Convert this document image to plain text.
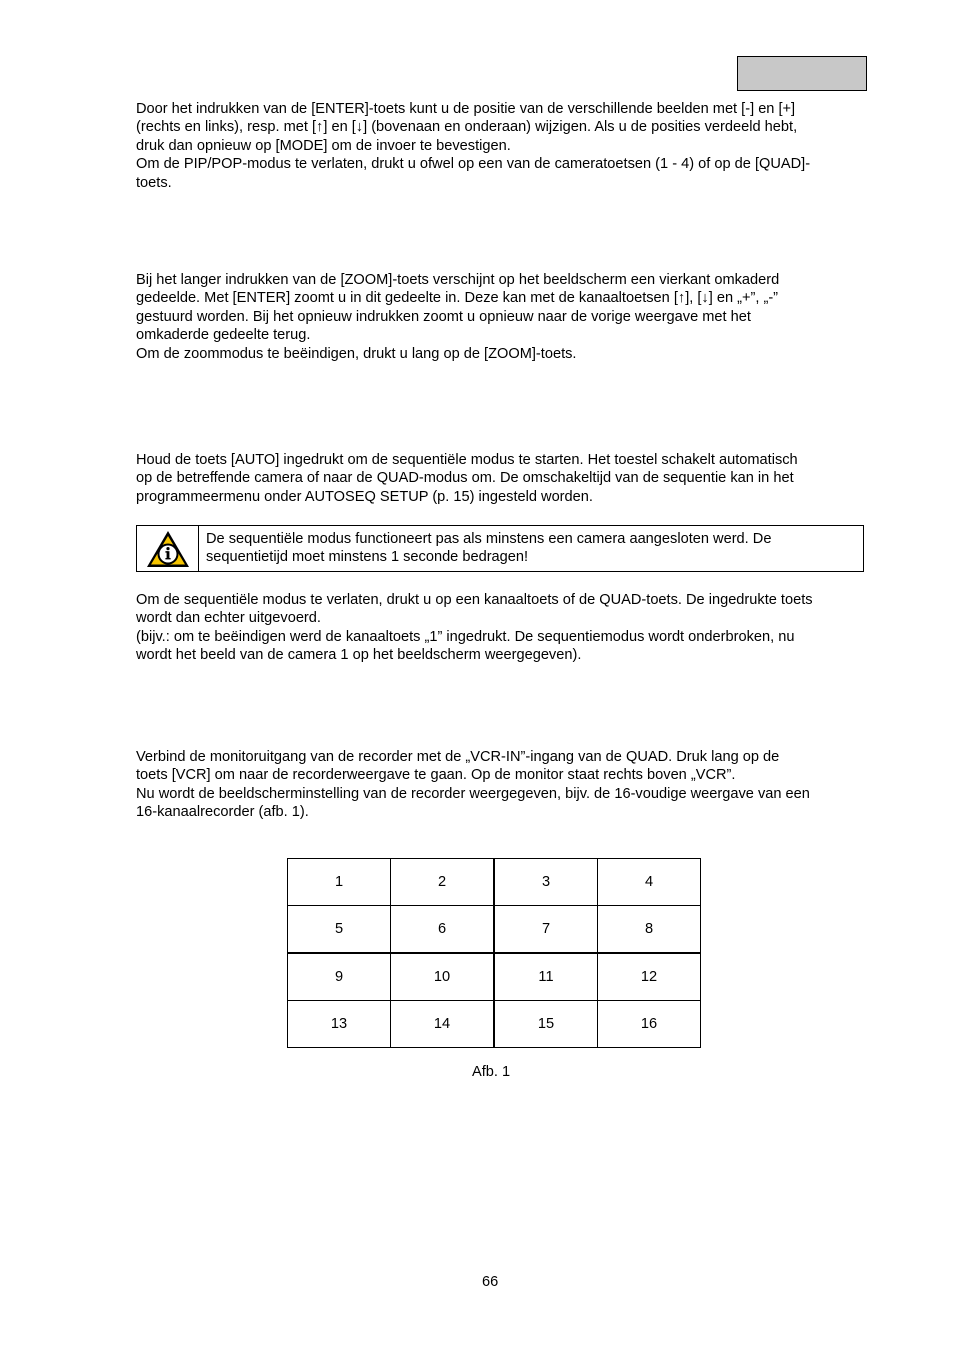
Door het indrukken van de [ENTER]-toets kunt u de positie van de verschillende beelden met [-] en [+]
(rechts en links), resp. met [↑] en [↓] (bovenaan en onderaan) wijzigen. Als u de posities verdeeld hebt,
druk dan opnieuw op [MODE] om de invoer te bevestigen.
Om de PIP/POP-modus te verlaten, drukt u ofwel op een van de cameratoetsen (1 - 4) of op de [QUAD]-
toets.

Bij het langer indrukken van de [ZOOM]-toets verschijnt op het beeldscherm een vierkant omkaderd
gedeelde. Met [ENTER] zoomt u in dit gedeelte in. Deze kan met de kanaaltoetsen [↑], [↓] en „+”, „-”
gestuurd worden. Bij het opnieuw indrukken zoomt u opnieuw naar de vorige weergave met het
omkaderde gedeelte terug.
Om de zoommodus te beëindigen, drukt u lang op de [ZOOM]-toets.

Houd de toets [AUTO] ingedrukt om de sequentiële modus te starten. Het toestel schakelt automatisch
op de betreffende camera of naar de QUAD-modus om. De omschakeltijd van de sequentie kan in het
programmeermenu onder AUTOSEQ SETUP (p. 15) ingesteld worden.

De sequentiële modus functioneert pas als minstens een camera aangesloten werd. De
sequentietijd moet minstens 1 seconde bedragen!

Om de sequentiële modus te verlaten, drukt u op een kanaaltoets of de QUAD-toets. De ingedrukte toets
wordt dan echter uitgevoerd.
(bijv.: om te beëindigen werd de kanaaltoets „1” ingedrukt. De sequentiemodus wordt onderbroken, nu
wordt het beeld van de camera 1 op het beeldscherm weergegeven).

Verbind de monitoruitgang van de recorder met de „VCR-IN”-ingang van de QUAD. Druk lang op de
toets [VCR] om naar de recorderweergave te gaan. Op de monitor staat rechts boven „VCR”.
Nu wordt de beeldscherminstelling van de recorder weergegeven, bijv. de 16-voudige weergave van een
16-kanaalrecorder (afb. 1).

1	2	3	4
5	6	7	8
9	10	11	12
13	14	15	16
Afb. 1
66
